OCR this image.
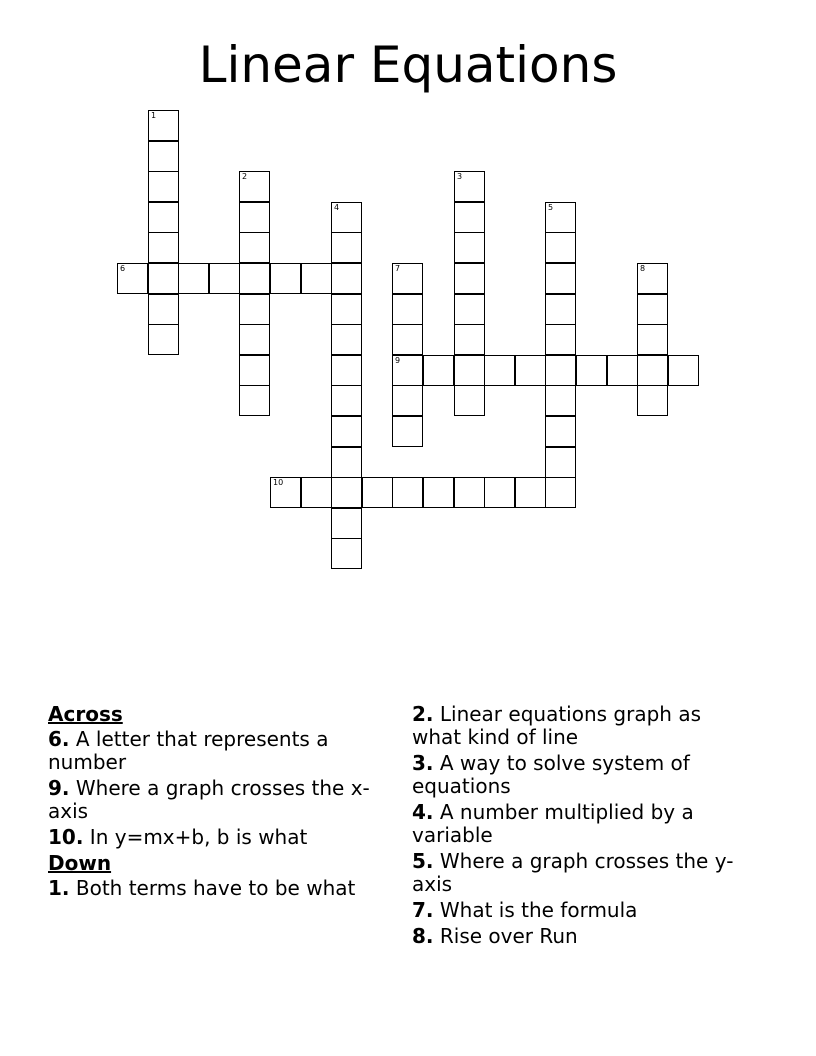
Linear Equations
1
2	3
4	5
6	7
9
8
10
Across
6. A letter that represents a number
9. Where a graph crosses the x-axis
10. In y=mx+b, b is what
Down
1. Both terms have to be what
2. Linear equations graph as what kind of line
3. A way to solve system of equations
4. A number multiplied by a variable
5. Where a graph crosses the y-axis
7. What is the formula
8. Rise over Run
